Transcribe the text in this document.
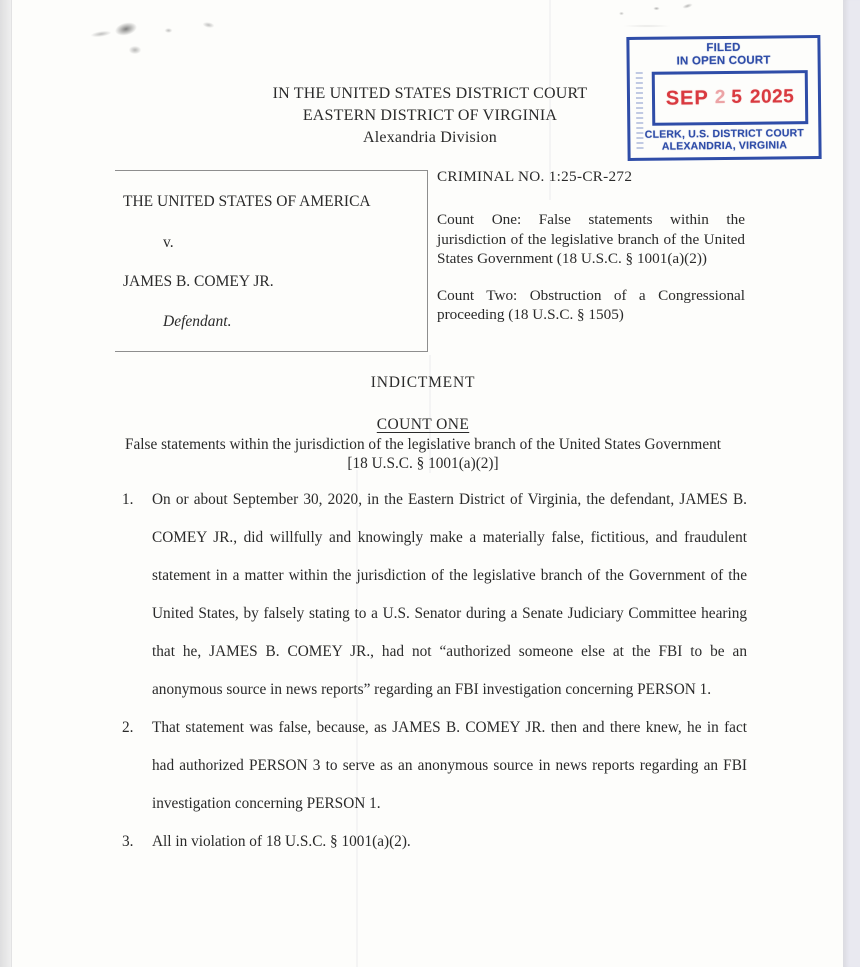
FILED
IN OPEN COURT
SEP 2 5 2025
CLERK, U.S. DISTRICT COURT
ALEXANDRIA, VIRGINIA
IN THE UNITED STATES DISTRICT COURT
EASTERN DISTRICT OF VIRGINIA
Alexandria Division
THE UNITED STATES OF AMERICA
v.
JAMES B. COMEY JR.
Defendant.
CRIMINAL NO. 1:25-CR-272
Count One: False statements within the jurisdiction of the legislative branch of the United States Government (18 U.S.C. § 1001(a)(2))
Count Two: Obstruction of a Congressional proceeding (18 U.S.C. § 1505)
INDICTMENT
COUNT ONE
False statements within the jurisdiction of the legislative branch of the United States Government
[18 U.S.C. § 1001(a)(2)]
1.	On or about September 30, 2020, in the Eastern District of Virginia, the defendant, JAMES B. COMEY JR., did willfully and knowingly make a materially false, fictitious, and fraudulent statement in a matter within the jurisdiction of the legislative branch of the Government of the United States, by falsely stating to a U.S. Senator during a Senate Judiciary Committee hearing that he, JAMES B. COMEY JR., had not “authorized someone else at the FBI to be an anonymous source in news reports” regarding an FBI investigation concerning PERSON 1.
2.	That statement was false, because, as JAMES B. COMEY JR. then and there knew, he in fact had authorized PERSON 3 to serve as an anonymous source in news reports regarding an FBI investigation concerning PERSON 1.
3.	All in violation of 18 U.S.C. § 1001(a)(2).
